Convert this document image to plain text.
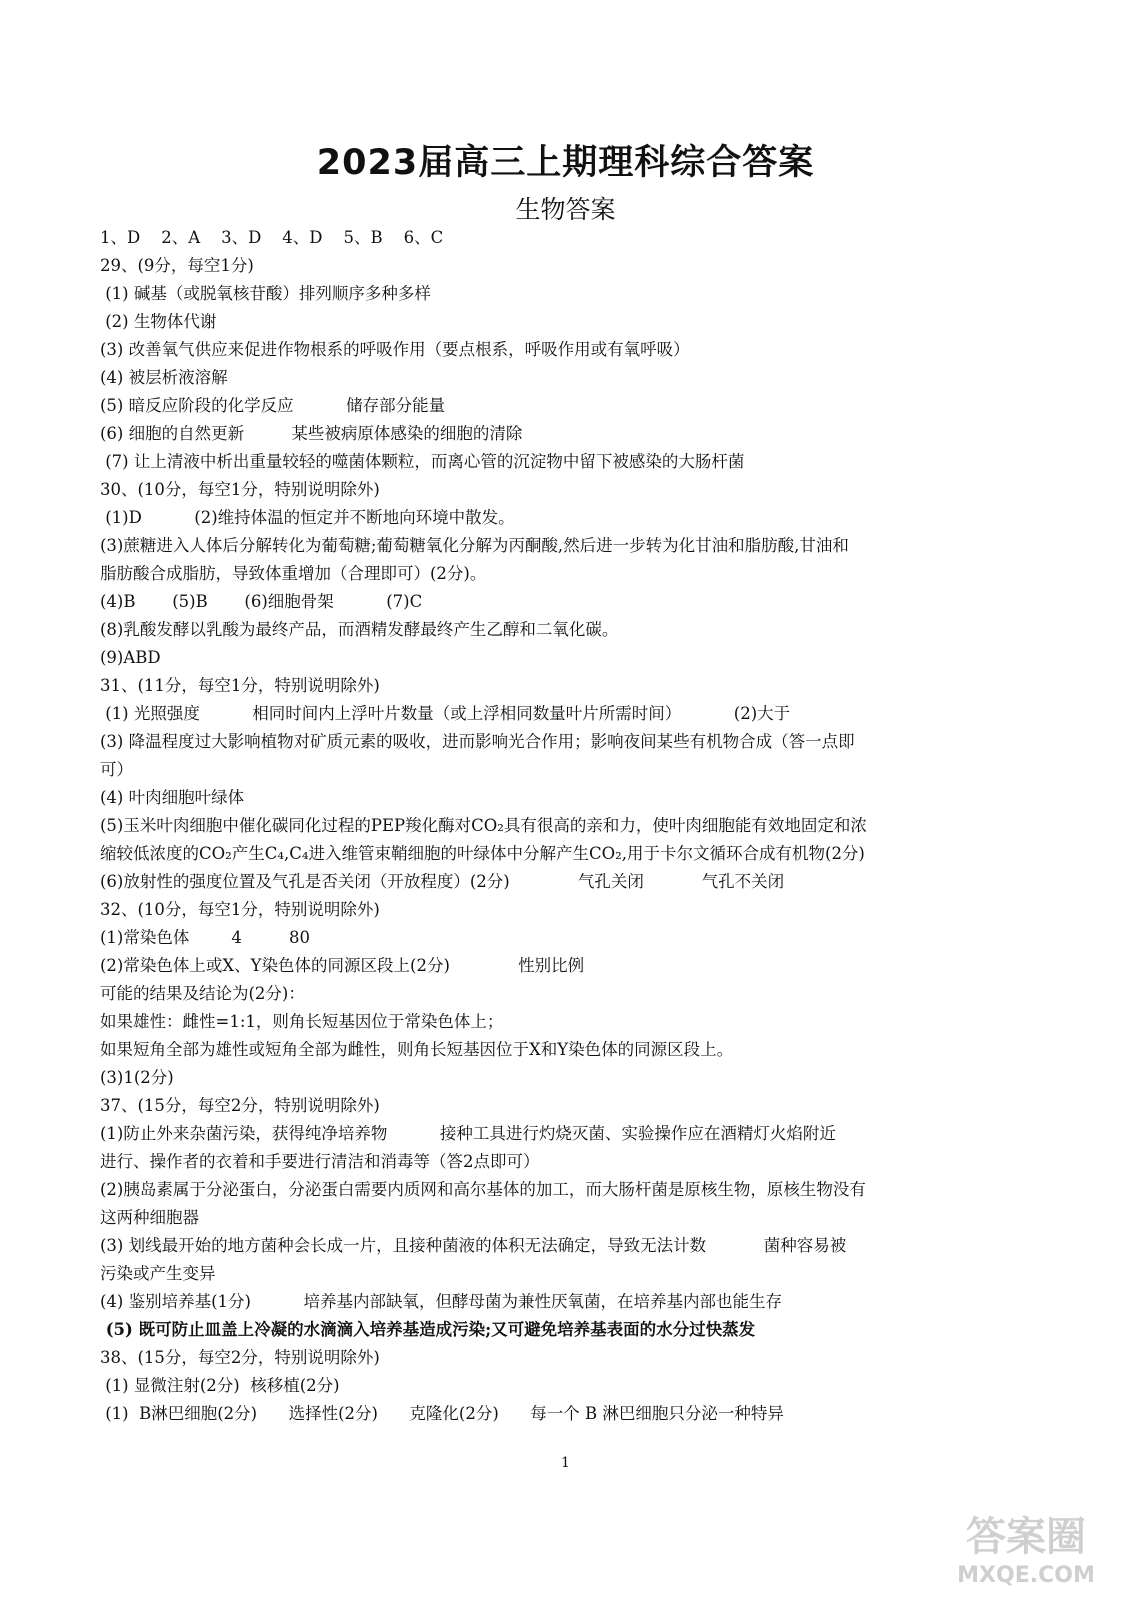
2023届高三上期理科综合答案
生物答案
1、D    2、A    3、D    4、D    5、B    6、C
29、(9分，每空1分)
(1) 碱基（或脱氧核苷酸）排列顺序多种多样
(2) 生物体代谢
(3) 改善氧气供应来促进作物根系的呼吸作用（要点根系，呼吸作用或有氧呼吸）
(4) 被层析液溶解
(5) 暗反应阶段的化学反应          储存部分能量
(6) 细胞的自然更新         某些被病原体感染的细胞的清除
(7) 让上清液中析出重量较轻的噬菌体颗粒，而离心管的沉淀物中留下被感染的大肠杆菌
30、(10分，每空1分，特别说明除外)
(1)D          (2)维持体温的恒定并不断地向环境中散发。
(3)蔗糖进入人体后分解转化为葡萄糖;葡萄糖氧化分解为丙酮酸,然后进一步转为化甘油和脂肪酸,甘油和
脂肪酸合成脂肪，导致体重增加（合理即可）(2分)。
(4)B       (5)B       (6)细胞骨架          (7)C
(8)乳酸发酵以乳酸为最终产品，而酒精发酵最终产生乙醇和二氧化碳。
(9)ABD
31、(11分，每空1分，特别说明除外)
(1) 光照强度          相同时间内上浮叶片数量（或上浮相同数量叶片所需时间）          (2)大于
(3) 降温程度过大影响植物对矿质元素的吸收，进而影响光合作用；影响夜间某些有机物合成（答一点即
可）
(4) 叶肉细胞叶绿体
(5)玉米叶肉细胞中催化碳同化过程的PEP羧化酶对CO₂具有很高的亲和力，使叶肉细胞能有效地固定和浓
缩较低浓度的CO₂产生C₄,C₄进入维管束鞘细胞的叶绿体中分解产生CO₂,用于卡尔文循环合成有机物(2分)
(6)放射性的强度位置及气孔是否关闭（开放程度）(2分)             气孔关闭           气孔不关闭
32、(10分，每空1分，特别说明除外)
(1)常染色体        4         80
(2)常染色体上或X、Y染色体的同源区段上(2分)             性别比例
可能的结果及结论为(2分)：
如果雄性：雌性=1:1，则角长短基因位于常染色体上；
如果短角全部为雄性或短角全部为雌性，则角长短基因位于X和Y染色体的同源区段上。
(3)1(2分)
37、(15分，每空2分，特别说明除外)
(1)防止外来杂菌污染，获得纯净培养物          接种工具进行灼烧灭菌、实验操作应在酒精灯火焰附近
进行、操作者的衣着和手要进行清洁和消毒等（答2点即可）
(2)胰岛素属于分泌蛋白，分泌蛋白需要内质网和高尔基体的加工，而大肠杆菌是原核生物，原核生物没有
这两种细胞器
(3) 划线最开始的地方菌种会长成一片，且接种菌液的体积无法确定，导致无法计数           菌种容易被
污染或产生变异
(4) 鉴别培养基(1分)          培养基内部缺氧，但酵母菌为兼性厌氧菌，在培养基内部也能生存
(5) 既可防止皿盖上冷凝的水滴滴入培养基造成污染;又可避免培养基表面的水分过快蒸发
38、(15分，每空2分，特别说明除外)
(1) 显微注射(2分)  核移植(2分)
(1)  B淋巴细胞(2分)      选择性(2分)      克隆化(2分)      每一个 B 淋巴细胞只分泌一种特异
1
答案圈
MXQE.COM
